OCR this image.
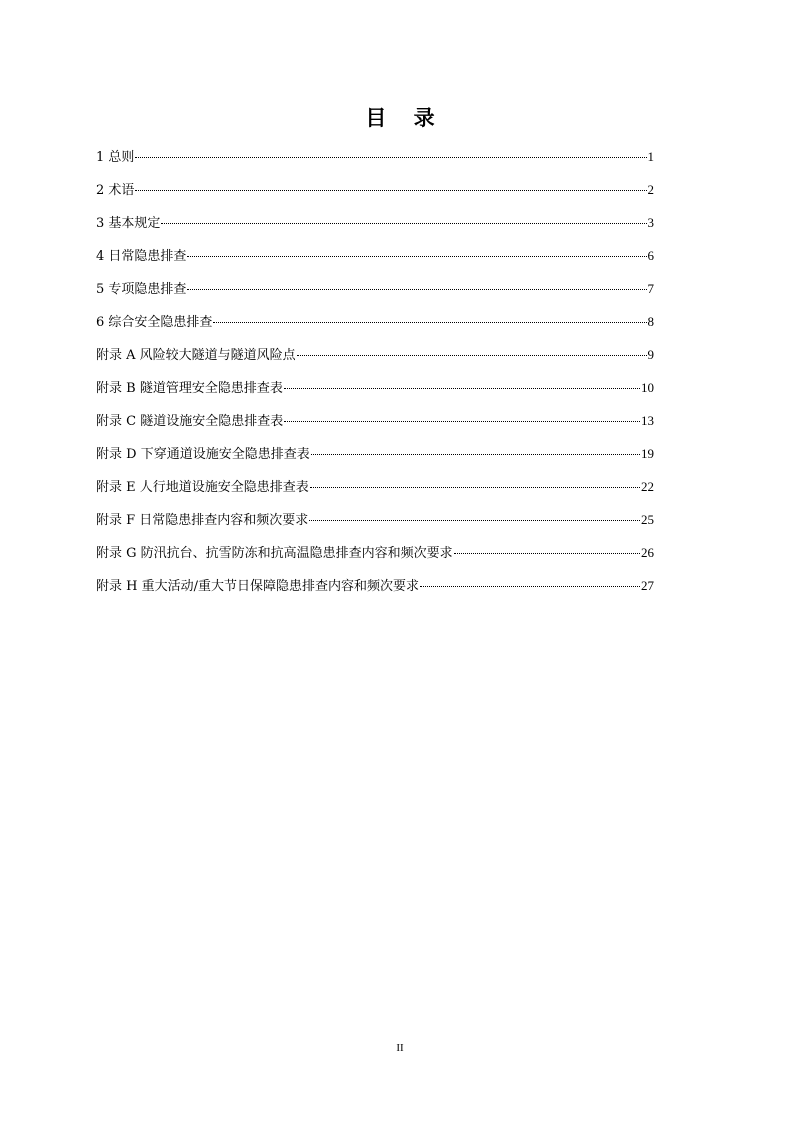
目 录
1 总则	1
2 术语	2
3 基本规定	3
4 日常隐患排查	6
5 专项隐患排查	7
6 综合安全隐患排查	8
附录 A 风险较大隧道与隧道风险点	9
附录 B 隧道管理安全隐患排查表	10
附录 C 隧道设施安全隐患排查表	13
附录 D 下穿通道设施安全隐患排查表	19
附录 E 人行地道设施安全隐患排查表	22
附录 F 日常隐患排查内容和频次要求	25
附录 G 防汛抗台、抗雪防冻和抗高温隐患排查内容和频次要求	26
附录 H 重大活动/重大节日保障隐患排查内容和频次要求	27
II
